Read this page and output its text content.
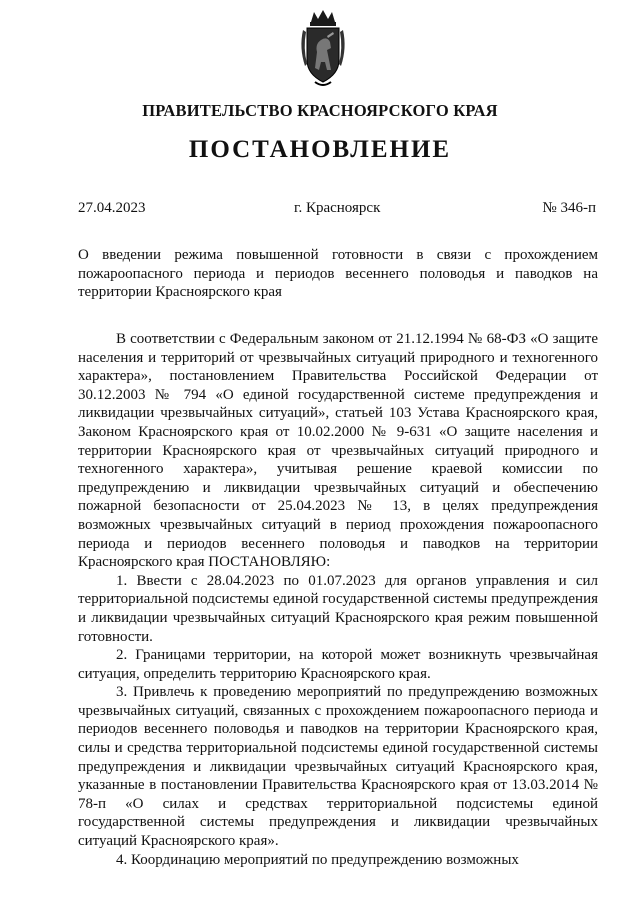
ПРАВИТЕЛЬСТВО КРАСНОЯРСКОГО КРАЯ
ПОСТАНОВЛЕНИЕ
27.04.2023	г. Красноярск	№ 346-п
О введении режима повышенной готовности в связи с прохождением пожароопасного периода и периодов весеннего половодья и паводков на территории Красноярского края

В соответствии с Федеральным законом от 21.12.1994 № 68-ФЗ «О защите населения и территорий от чрезвычайных ситуаций природного и техногенного характера», постановлением Правительства Российской Федерации от 30.12.2003 № 794 «О единой государственной системе предупреждения и ликвидации чрезвычайных ситуаций», статьей 103 Устава Красноярского края, Законом Красноярского края от 10.02.2000 № 9-631 «О защите населения и территории Красноярского края от чрезвычайных ситуаций природного и техногенного характера», учитывая решение краевой комиссии по предупреждению и ликвидации чрезвычайных ситуаций и обеспечению пожарной безопасности от 25.04.2023 № 13, в целях предупреждения возможных чрезвычайных ситуаций в период прохождения пожароопасного периода и периодов весеннего половодья и паводков на территории Красноярского края ПОСТАНОВЛЯЮ:

1. Ввести с 28.04.2023 по 01.07.2023 для органов управления и сил территориальной подсистемы единой государственной системы предупреждения и ликвидации чрезвычайных ситуаций Красноярского края режим повышенной готовности.

2. Границами территории, на которой может возникнуть чрезвычайная ситуация, определить территорию Красноярского края.

3. Привлечь к проведению мероприятий по предупреждению возможных чрезвычайных ситуаций, связанных с прохождением пожароопасного периода и периодов весеннего половодья и паводков на территории Красноярского края, силы и средства территориальной подсистемы единой государственной системы предупреждения и ликвидации чрезвычайных ситуаций Красноярского края, указанные в постановлении Правительства Красноярского края от 13.03.2014 № 78-п «О силах и средствах территориальной подсистемы единой государственной системы предупреждения и ликвидации чрезвычайных ситуаций Красноярского края».

4. Координацию мероприятий по предупреждению возможных
